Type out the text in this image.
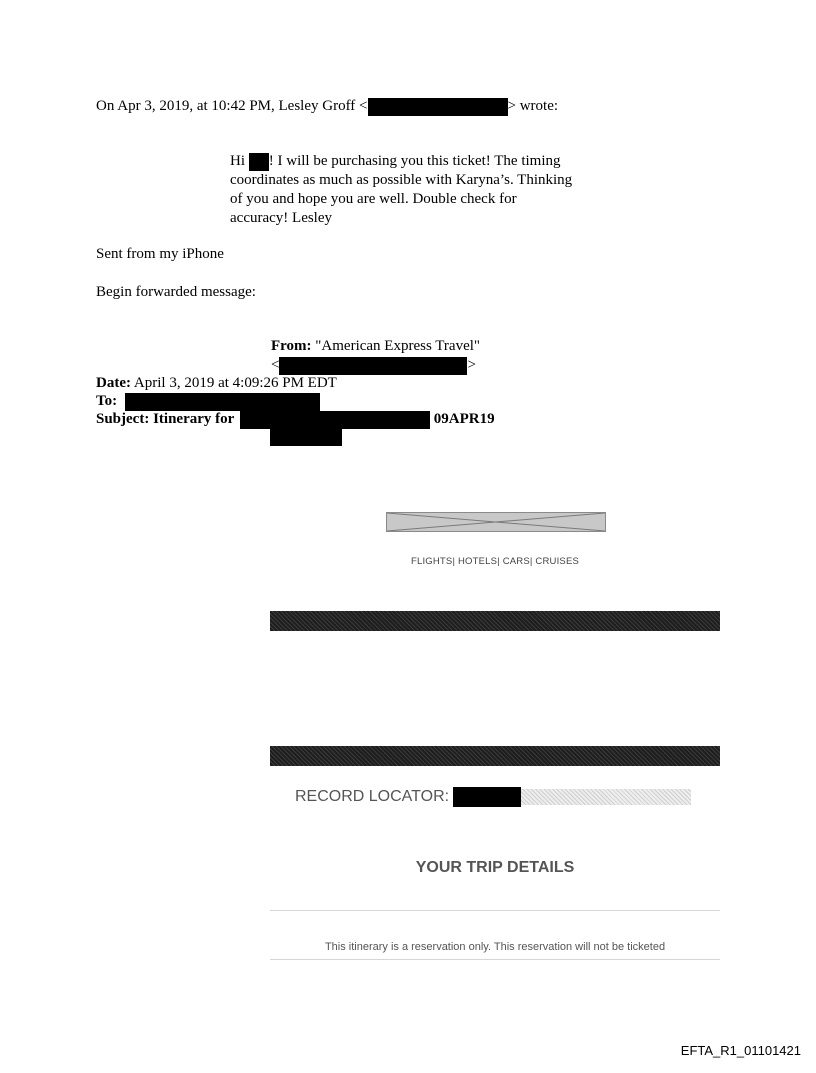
On Apr 3, 2019, at 10:42 PM, Lesley Groff <	> wrote:
Hi ! I will be purchasing you this ticket! The timing
coordinates as much as possible with Karyna’s. Thinking
of you and hope you are well. Double check for
accuracy! Lesley
Sent from my iPhone
Begin forwarded message:
From: "American Express Travel"
<	>
Date: April 3, 2019 at 4:09:26 PM EDT
To:
Subject: Itinerary for	09APR19
FLIGHTS| HOTELS| CARS| CRUISES
RECORD LOCATOR:
YOUR TRIP DETAILS
This itinerary is a reservation only. This reservation will not be ticketed
EFTA_R1_01101421
